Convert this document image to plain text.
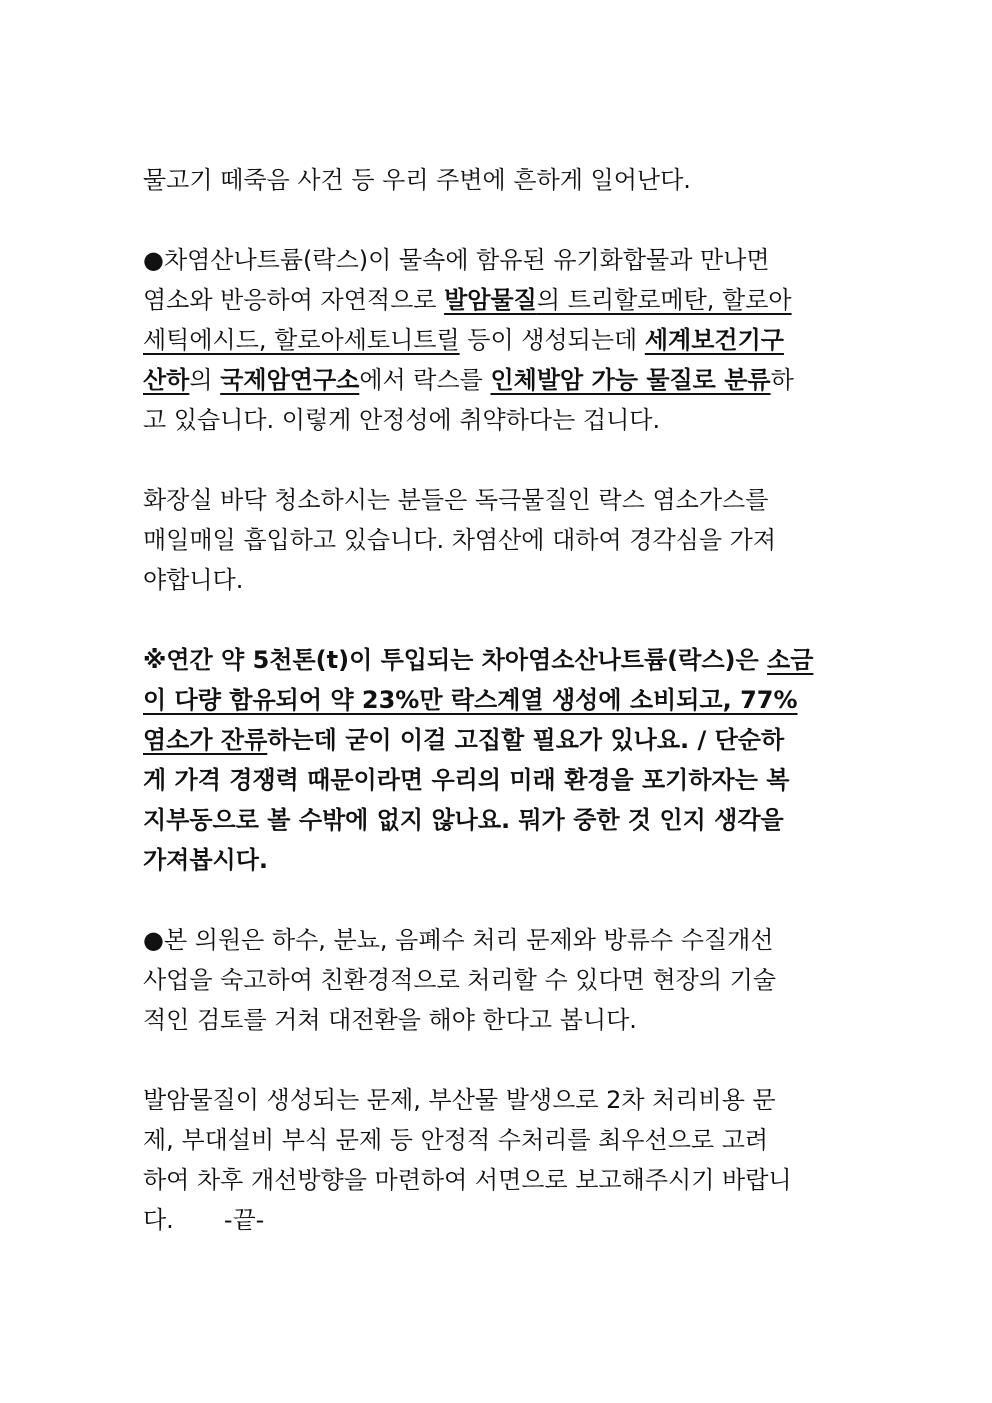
물고기 떼죽음 사건 등 우리 주변에 흔하게 일어난다.
●차염산나트륨(락스)이 물속에 함유된 유기화합물과 만나면
염소와 반응하여 자연적으로 발암물질 의 트리할로메탄, 할로아
세틱에시드, 할로아세토니트릴 등이 생성되는데 세계보건기구
산하 의 국제암연구소 에서 락스를 인체발암 가능 물질로 분류 하
고 있습니다. 이렇게 안정성에 취약하다는 겁니다.
화장실 바닥 청소하시는 분들은 독극물질인 락스 염소가스를
매일매일 흡입하고 있습니다. 차염산에 대하여 경각심을 가져
야합니다.
※연간 약 5천톤(t)이 투입되는 차아염소산나트륨(락스)은 소금
이 다량 함유되어 약 23%만 락스계열 생성에 소비되고, 77%
염소가 잔류 하는데 굳이 이걸 고집할 필요가 있나요. / 단순하
게 가격 경쟁력 때문이라면 우리의 미래 환경을 포기하자는 복
지부동으로 볼 수밖에 없지 않나요. 뭐가 중한 것 인지 생각을
가져봅시다.
●본 의원은 하수, 분뇨, 음폐수 처리 문제와 방류수 수질개선
사업을 숙고하여 친환경적으로 처리할 수 있다면 현장의 기술
적인 검토를 거쳐 대전환을 해야 한다고 봅니다.
발암물질이 생성되는 문제, 부산물 발생으로 2차 처리비용 문
제, 부대설비 부식 문제 등 안정적 수처리를 최우선으로 고려
하여 차후 개선방향을 마련하여 서면으로 보고해주시기 바랍니
다. -끝-
